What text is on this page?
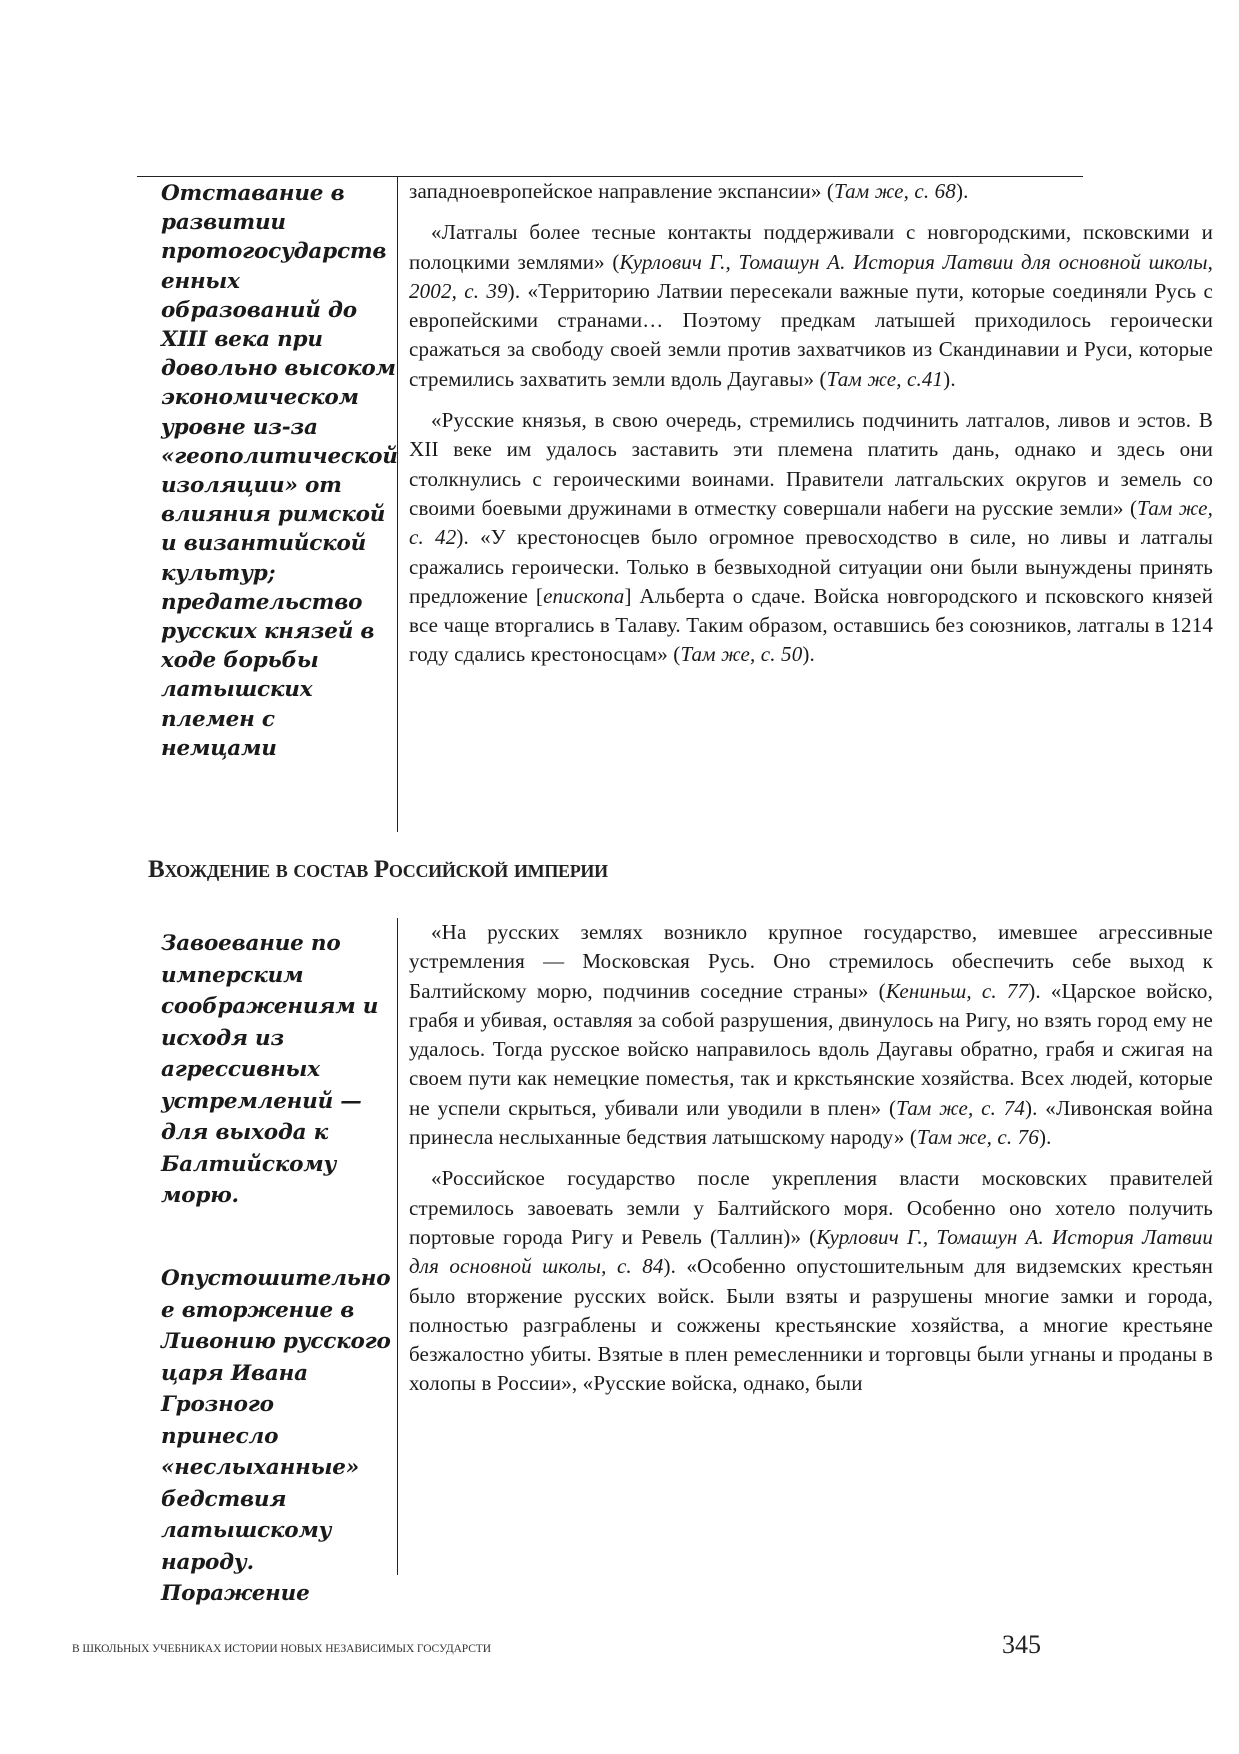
Отставание в развитии протогосударств енных образований до XIII века при довольно высоком экономическом уровне из-за «геополитической изоляции» от влияния римской и византийской культур; предательство русских князей в ходе борьбы латышских племен с немцами

западноевропейское направление экспансии» (Там же, с. 68).

«Латгалы более тесные контакты поддерживали с новгородскими, псковскими и полоцкими землями» (Курлович Г., Томашун А. История Латвии для основной школы, 2002, с. 39). «Территорию Латвии пересекали важные пути, которые соединяли Русь с европейскими странами… Поэтому предкам латышей приходилось героически сражаться за свободу своей земли против захватчиков из Скандинавии и Руси, которые стремились захватить земли вдоль Даугавы» (Там же, с.41).

«Русские князья, в свою очередь, стремились подчинить латгалов, ливов и эстов. В XII веке им удалось заставить эти племена платить дань, однако и здесь они столкнулись с героическими воинами. Правители латгальских округов и земель со своими боевыми дружинами в отместку совершали набеги на русские земли» (Там же, с. 42). «У крестоносцев было огромное превосходство в силе, но ливы и латгалы сражались героически. Только в безвыходной ситуации они были вынуждены принять предложение [епископа] Альберта о сдаче. Войска новгородского и псковского князей все чаще вторгались в Талаву. Таким образом, оставшись без союзников, латгалы в 1214 году сдались крестоносцам» (Там же, с. 50).

Вхождение в состав Российской империи

Завоевание по имперским соображениям и исходя из агрессивных устремлений — для выхода к Балтийскому морю.

Опустошительно е вторжение в Ливонию русского царя Ивана Грозного принесло «неслыханные» бедствия латышскому народу. Поражение

«На русских землях возникло крупное государство, имевшее агрессивные устремления — Московская Русь. Оно стремилось обеспечить себе выход к Балтийскому морю, подчинив соседние страны» (Кениньш, с. 77). «Царское войско, грабя и убивая, оставляя за собой разрушения, двинулось на Ригу, но взять город ему не удалось. Тогда русское войско направилось вдоль Даугавы обратно, грабя и сжигая на своем пути как немецкие поместья, так и кркстьянские хозяйства. Всех людей, которые не успели скрыться, убивали или уводили в плен» (Там же, с. 74). «Ливонская война принесла неслыханные бедствия латышскому народу» (Там же, с. 76).

«Российское государство после укрепления власти московских правителей стремилось завоевать земли у Балтийского моря. Особенно оно хотело получить портовые города Ригу и Ревель (Таллин)» (Курлович Г., Томашун А. История Латвии для основной школы, с. 84). «Особенно опустошительным для видземских крестьян было вторжение русских войск. Были взяты и разрушены многие замки и города, полностью разграблены и сожжены крестьянские хозяйства, а многие крестьяне безжалостно убиты. Взятые в плен ремесленники и торговцы были угнаны и проданы в холопы в России», «Русские войска, однако, были

В ШКОЛЬНЫХ УЧЕБНИКАХ ИСТОРИИ НОВЫХ НЕЗАВИСИМЫХ ГОСУДАРСТИ	345
